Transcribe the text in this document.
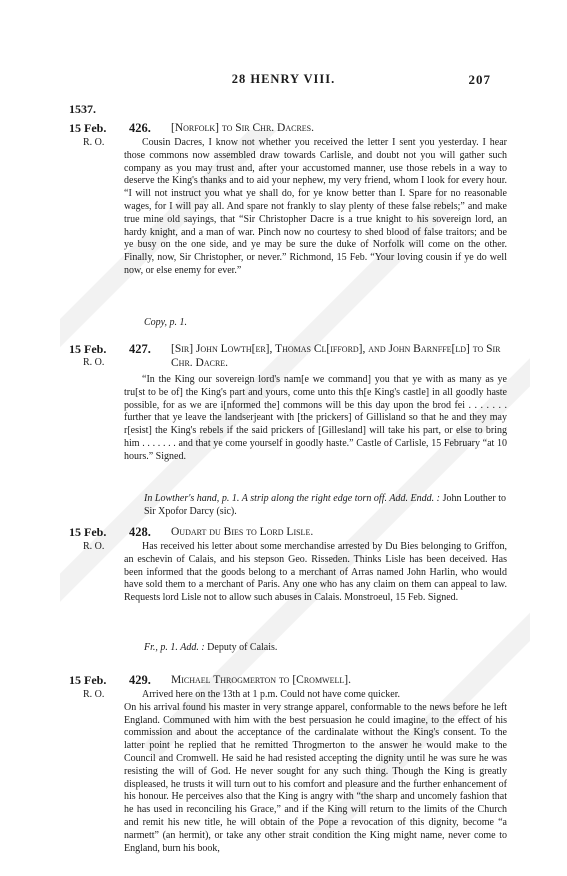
28 HENRY VIII.	207
1537.
15 Feb.
R. O.
426. [Norfolk] to Sir Chr. Dacres.
Cousin Dacres, I know not whether you received the letter I sent you yesterday. I hear those commons now assembled draw towards Carlisle, and doubt not you will gather such company as you may trust and, after your accustomed manner, use those rebels in a way to deserve the King's thanks and to aid your nephew, my very friend, whom I look for every hour. “I will not instruct you what ye shall do, for ye know better than I. Spare for no reasonable wages, for I will pay all. And spare not frankly to slay plenty of these false rebels;” and make true mine old sayings, that “Sir Christopher Dacre is a true knight to his sovereign lord, an hardy knight, and a man of war. Pinch now no courtesy to shed blood of false traitors; and be ye busy on the one side, and ye may be sure the duke of Norfolk will come on the other. Finally, now, Sir Christopher, or never.” Richmond, 15 Feb. “Your loving cousin if ye do well now, or else enemy for ever.”
Copy, p. 1.
15 Feb.
R. O.
427. [Sir] John Lowth[er], Thomas Cl[ifford], and John Barnffe[ld] to Sir Chr. Dacre.
“In the King our sovereign lord's nam[e we command] you that ye with as many as ye tru[st to be of] the King's part and yours, come unto this th[e King's castle] in all goodly haste possible, for as we are i[nformed the] commons will be this day upon the brod fei . . . . . . . further that ye leave the landserjeant with [the prickers] of Gillisland so that he and they may r[esist] the King's rebels if the said prickers of [Gillesland] will take his part, or else to bring him . . . . . . . and that ye come yourself in goodly haste.” Castle of Carlisle, 15 February “at 10 hours.” Signed.
In Lowther's hand, p. 1. A strip along the right edge torn off. Add. Endd. : John Louther to Sir Xpofor Darcy (sic).
15 Feb.
R. O.
428. Oudart du Bies to Lord Lisle.
Has received his letter about some merchandise arrested by Du Bies belonging to Griffon, an eschevin of Calais, and his stepson Geo. Risseden. Thinks Lisle has been deceived. Has been informed that the goods belong to a merchant of Arras named John Harlin, who would have sold them to a merchant of Paris. Any one who has any claim on them can appeal to law. Requests lord Lisle not to allow such abuses in Calais. Monstroeul, 15 Feb. Signed.
Fr., p. 1. Add. : Deputy of Calais.
15 Feb.
R. O.
429. Michael Throgmerton to [Cromwell].

Arrived here on the 13th at 1 p.m. Could not have come quicker.

On his arrival found his master in very strange apparel, conformable to the news before he left England. Communed with him with the best persuasion he could imagine, to the effect of his commission and about the acceptance of the cardinalate without the King's consent. To the latter point he replied that he remitted Throgmerton to the answer he would make to the Council and Cromwell. He said he had resisted accepting the dignity until he was sure he was resisting the will of God. He never sought for any such thing. Though the King is greatly displeased, he trusts it will turn out to his comfort and pleasure and the further enhancement of his honour. He perceives also that the King is angry with “the sharp and uncomely fashion that he has used in reconciling his Grace,” and if the King will return to the limits of the Church and remit his new title, he will obtain of the Pope a revocation of this dignity, become “a narmett” (an hermit), or take any other strait condition the King might name, never come to England, burn his book,
